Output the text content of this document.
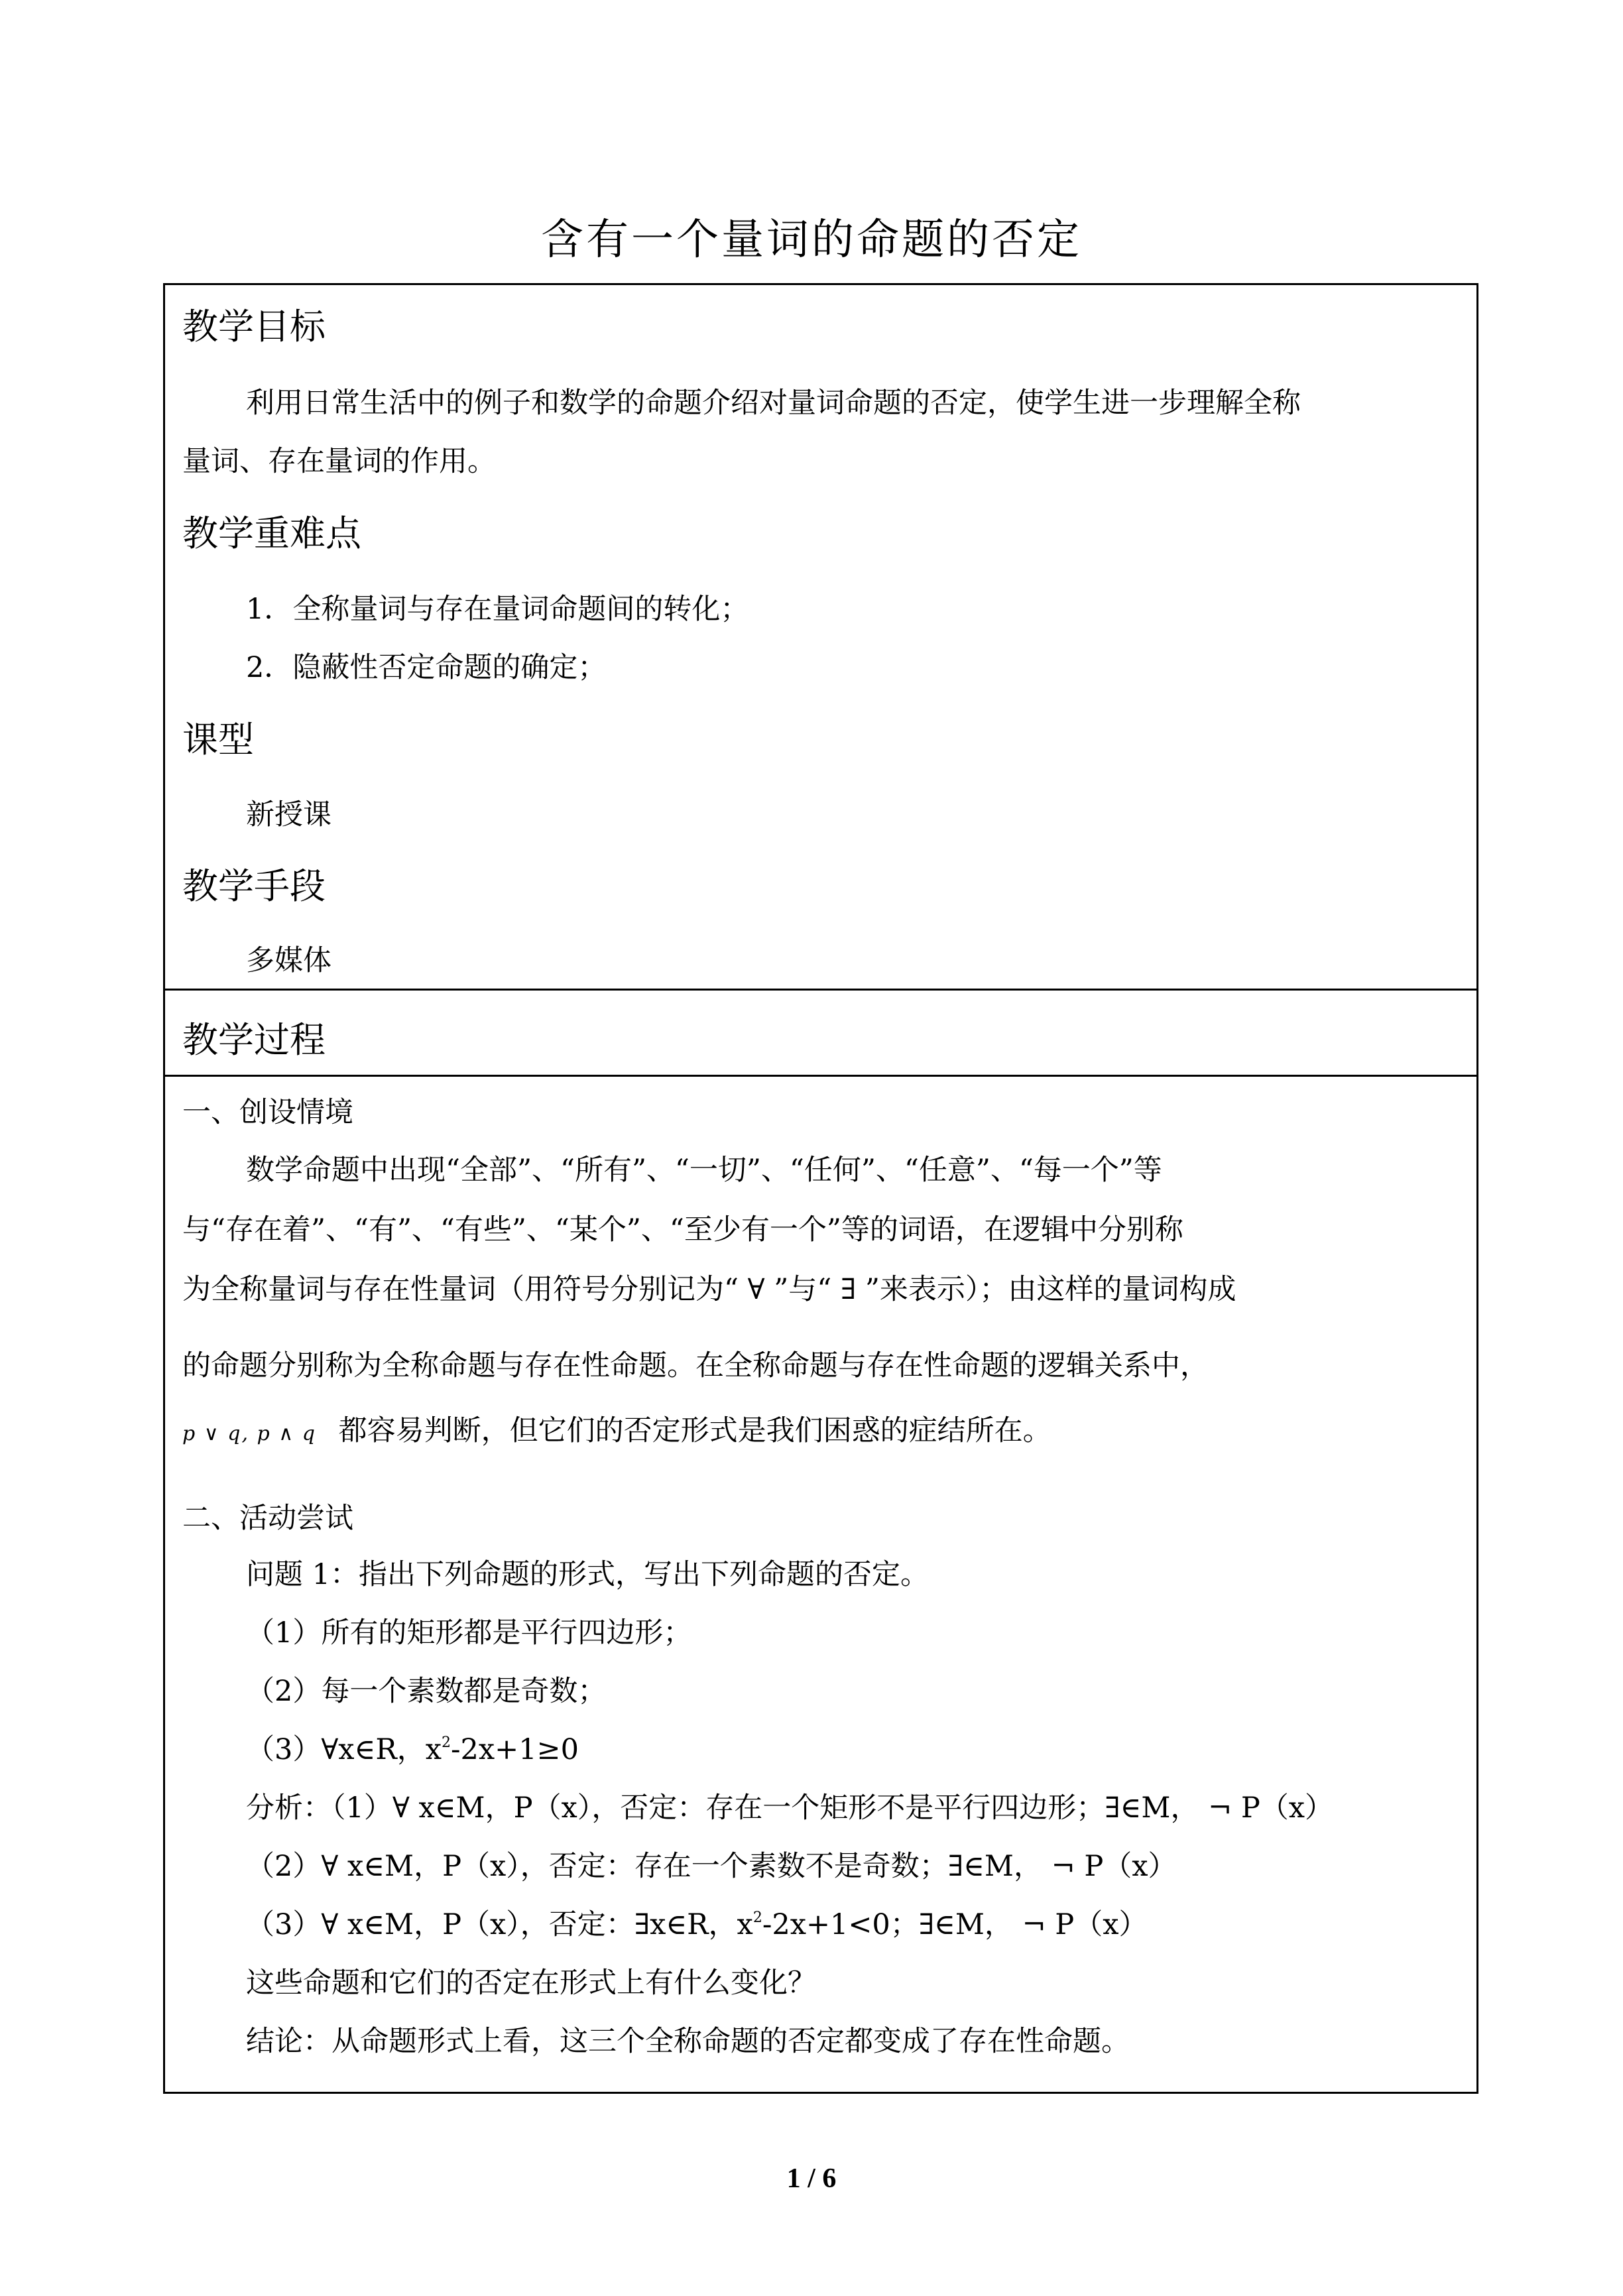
含有一个量词的命题的否定
教学目标
利用日常生活中的例子和数学的命题介绍对量词命题的否定，使学生进一步理解全称
量词、存在量词的作用。
教学重难点
1．全称量词与存在量词命题间的转化；
2．隐蔽性否定命题的确定；
课型
新授课
教学手段
多媒体
教学过程
一、创设情境
数学命题中出现“全部”、“所有”、“一切”、“任何”、“任意”、“每一个”等
与“存在着”、“有”、“有些”、“某个”、“至少有一个”等的词语，在逻辑中分别称
为全称量词与存在性量词（用符号分别记为“ ∀ ”与“ ∃ ”来表示）；由这样的量词构成
的命题分别称为全称命题与存在性命题。在全称命题与存在性命题的逻辑关系中，
p ∨ q, p ∧ q 都容易判断，但它们的否定形式是我们困惑的症结所在。
二、活动尝试
问题 1：指出下列命题的形式，写出下列命题的否定。
（1）所有的矩形都是平行四边形；
（2）每一个素数都是奇数；
（3）∀x∈R，$x^2-2x+1\ge 0$
分析：（1）∀ x∈M，P（x），否定：存在一个矩形不是平行四边形；∃∈M， ¬ P（x）
（2）∀ x∈M，P（x），否定：存在一个素数不是奇数；∃∈M， ¬ P（x）
（3）∀ x∈M，P（x），否定：∃x∈R，$x^2-2x+1<0$；∃∈M， ¬ P（x）
这些命题和它们的否定在形式上有什么变化？
结论：从命题形式上看，这三个全称命题的否定都变成了存在性命题。
1 / 6
